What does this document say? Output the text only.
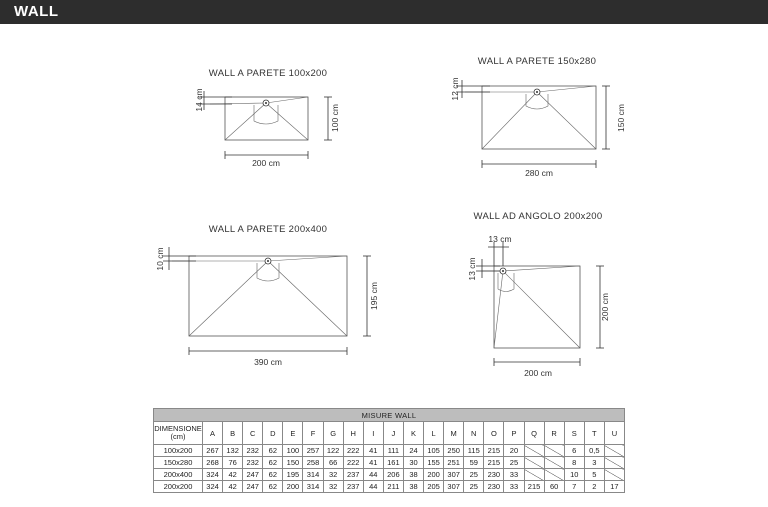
WALL
WALL A PARETE 100x200
14 cm
100 cm
200 cm
WALL A PARETE 150x280
12 cm
150 cm
280 cm
WALL A PARETE 200x400
10 cm
195 cm
390 cm
WALL AD ANGOLO 200x200
13 cm
13 cm
200 cm
200 cm
MISURE WALL																					
DIMENSIONE (cm)	A	B	C	D	E	F	G	H	I	J	K	L	M	N	O	P	Q	R	S	T	U
100x200	267	132	232	62	100	257	122	222	41	111	24	105	250	115	215	20			6	0,5	
150x280	268	76	232	62	150	258	66	222	41	161	30	155	251	59	215	25			8	3	
200x400	324	42	247	62	195	314	32	237	44	206	38	200	307	25	230	33			10	5	
200x200	324	42	247	62	200	314	32	237	44	211	38	205	307	25	230	33	215	60	7	2	17
